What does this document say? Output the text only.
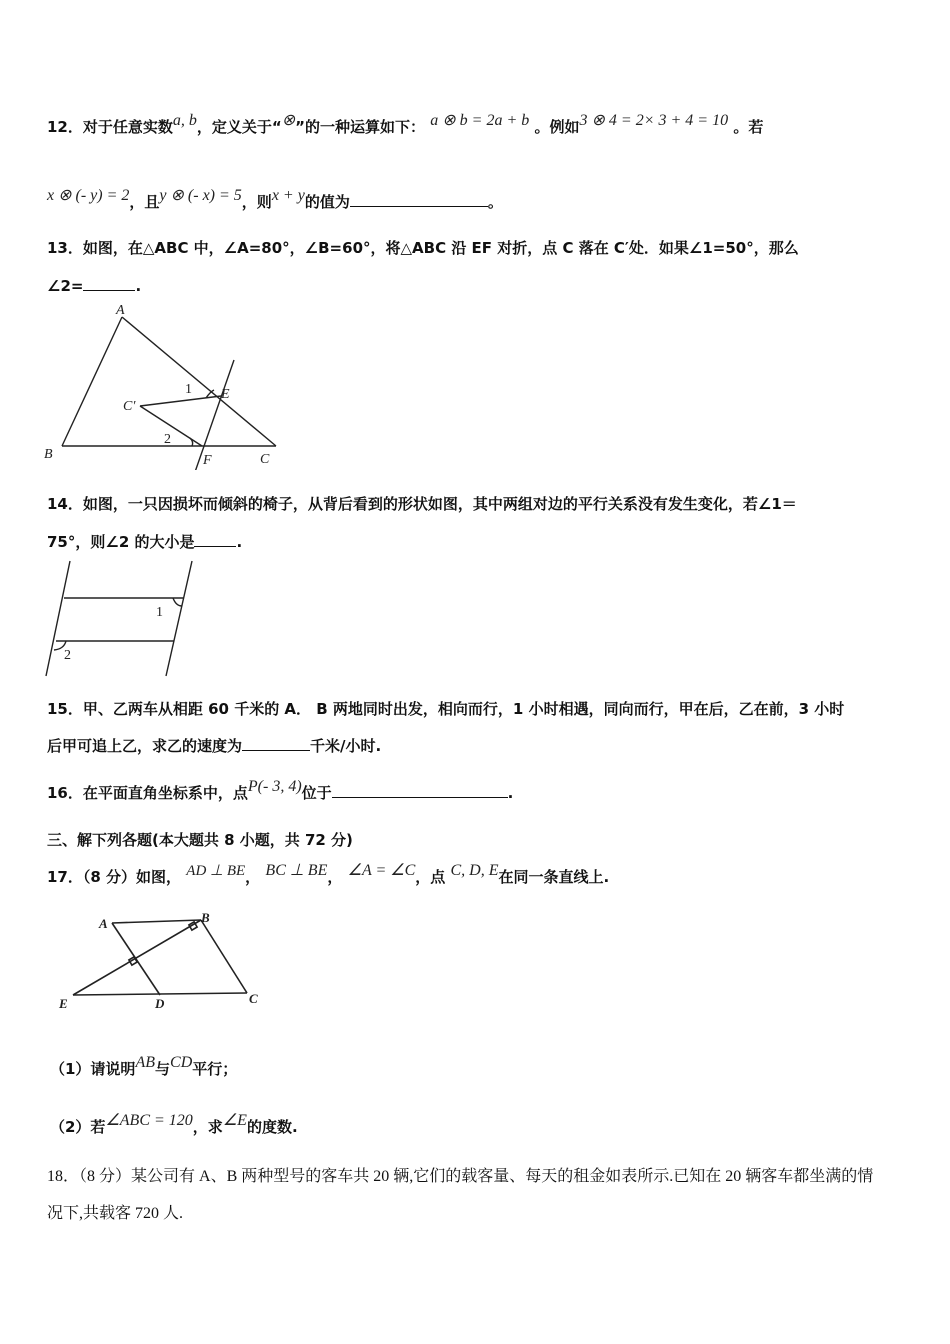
12．对于任意实数a, b，定义关于“⊗”的一种运算如下： a ⊗ b = 2a + b 。例如3 ⊗ 4 = 2× 3 + 4 = 10 。若
x ⊗ (- y) = 2，且y ⊗ (- x) = 5，则x + y的值为	。
13．如图，在△ABC 中，∠A=80°，∠B=60°，将△ABC 沿 EF 对折，点 C 落在 C′处．如果∠1=50°，那么
∠2=	.
A
B	C
C′
E
F
1
2
14．如图，一只因损坏而倾斜的椅子，从背后看到的形状如图，其中两组对边的平行关系没有发生变化，若∠1＝
75°，则∠2 的大小是	.
1
2
15．甲、乙两车从相距 60 千米的 A． B 两地同时出发，相向而行，1 小时相遇，同向而行，甲在后，乙在前，3 小时
后甲可追上乙，求乙的速度为	千米/小时.
16．在平面直角坐标系中，点P(- 3, 4)位于	.
三、解下列各题(本大题共 8 小题，共 72 分)
17．（8 分）如图， AD ⊥ BE， BC ⊥ BE， ∠A = ∠C，点 C, D, E在同一条直线上.
A	B
C
D
E
（1）请说明AB与CD平行；
（2）若∠ABC = 120，求∠E的度数.
18．（8 分）某公司有 A、B 两种型号的客车共 20 辆,它们的载客量、每天的租金如表所示.已知在 20 辆客车都坐满的情
况下,共载客 720 人.
